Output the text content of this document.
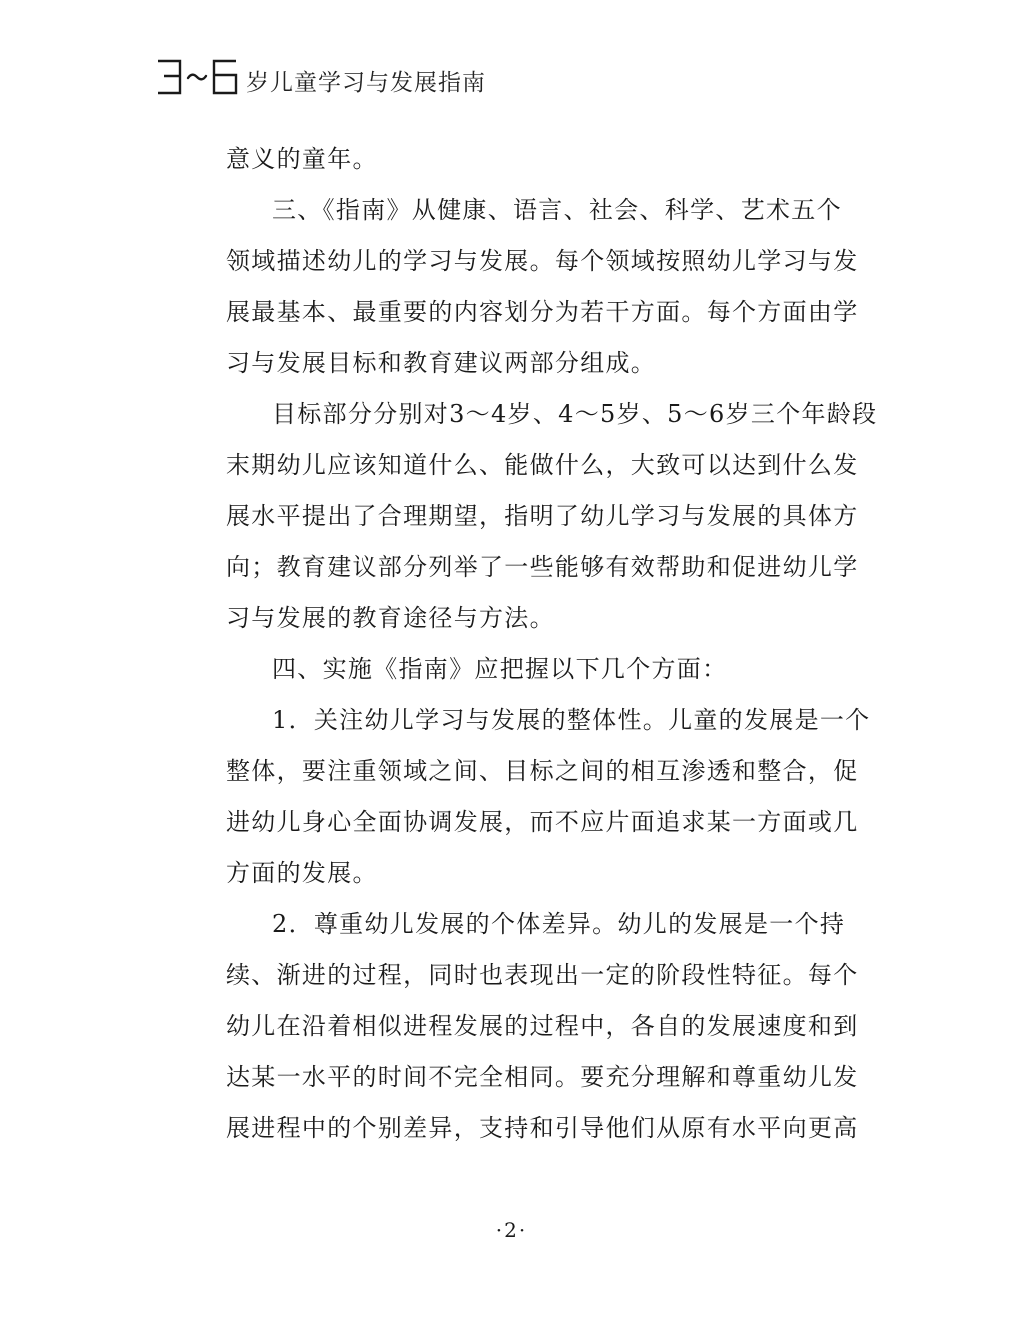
岁儿童学习与发展指南
意义的童年。
三、《指南》从健康、语言、社会、科学、艺术五个
领域描述幼儿的学习与发展。每个领域按照幼儿学习与发
展最基本、最重要的内容划分为若干方面。每个方面由学
习与发展目标和教育建议两部分组成。
目标部分分别对3～4岁、4～5岁、5～6岁三个年龄段
末期幼儿应该知道什么、能做什么，大致可以达到什么发
展水平提出了合理期望，指明了幼儿学习与发展的具体方
向；教育建议部分列举了一些能够有效帮助和促进幼儿学
习与发展的教育途径与方法。
四、实施《指南》应把握以下几个方面：
1．关注幼儿学习与发展的整体性。儿童的发展是一个
整体，要注重领域之间、目标之间的相互渗透和整合，促
进幼儿身心全面协调发展，而不应片面追求某一方面或几
方面的发展。
2．尊重幼儿发展的个体差异。幼儿的发展是一个持
续、渐进的过程，同时也表现出一定的阶段性特征。每个
幼儿在沿着相似进程发展的过程中，各自的发展速度和到
达某一水平的时间不完全相同。要充分理解和尊重幼儿发
展进程中的个别差异，支持和引导他们从原有水平向更高
·2·
